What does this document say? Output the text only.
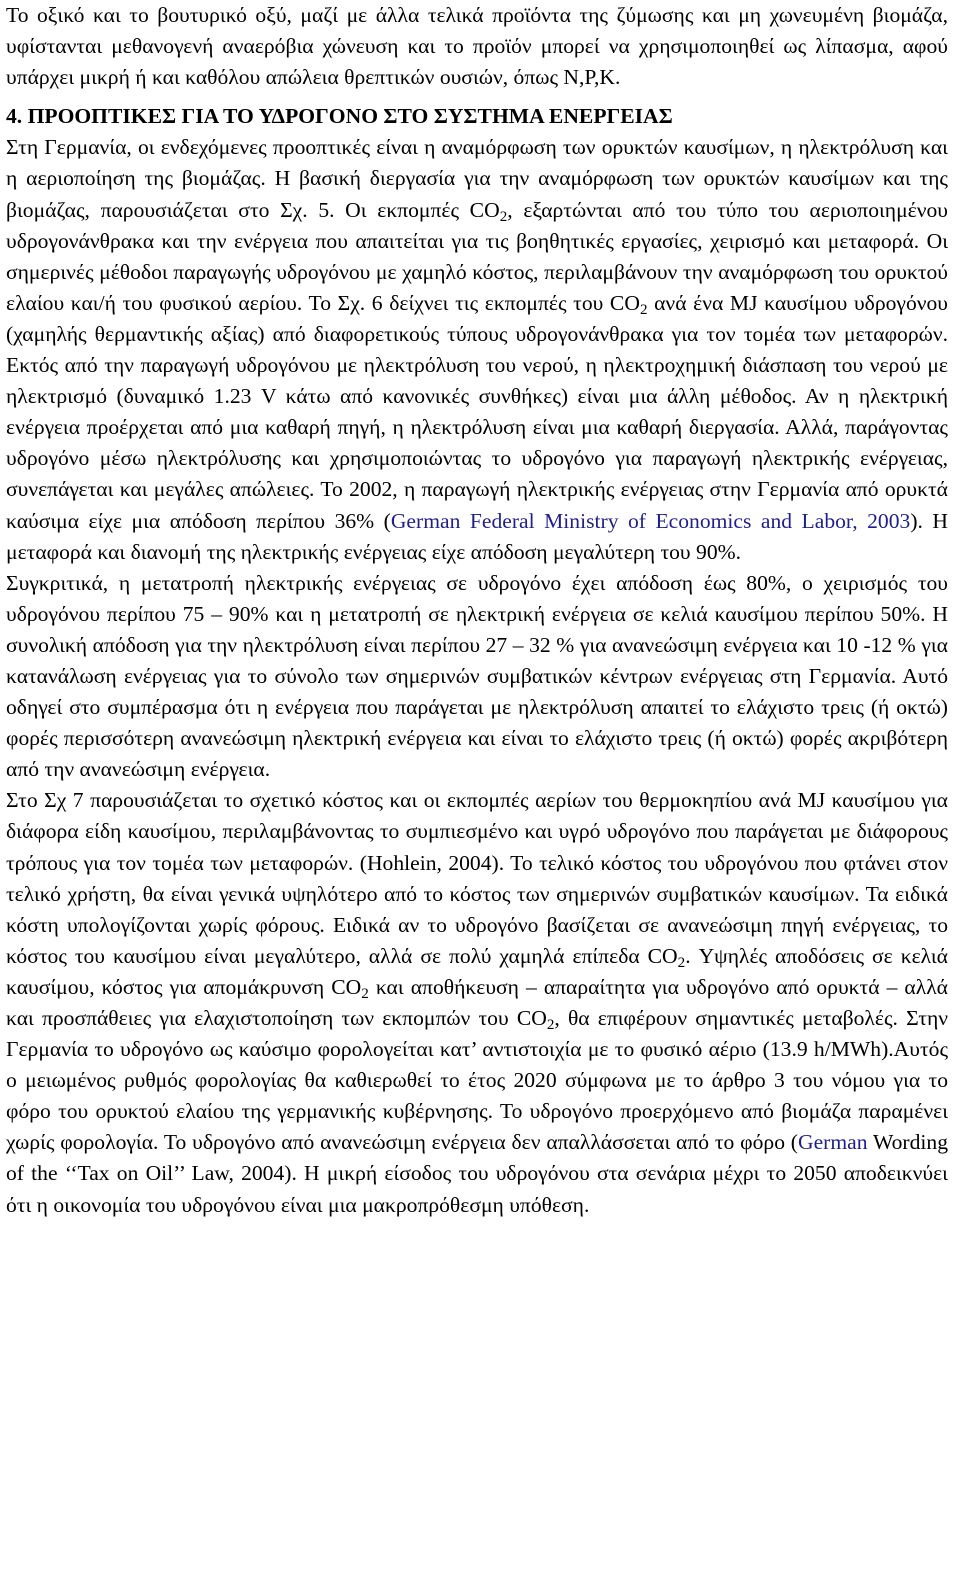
Το οξικό και το βουτυρικό οξύ, μαζί με άλλα τελικά προϊόντα της ζύμωσης και μη χωνευμένη βιομάζα, υφίστανται μεθανογενή αναερόβια χώνευση και το προϊόν μπορεί να χρησιμοποιηθεί ως λίπασμα, αφού υπάρχει μικρή ή και καθόλου απώλεια θρεπτικών ουσιών, όπως N,P,K.

4. ΠΡΟΟΠΤΙΚΕΣ ΓΙΑ ΤΟ ΥΔΡΟΓΟΝΟ ΣΤΟ ΣΥΣΤΗΜΑ ΕΝΕΡΓΕΙΑΣ

Στη Γερμανία, οι ενδεχόμενες προοπτικές είναι η αναμόρφωση των ορυκτών καυσίμων, η ηλεκτρόλυση και η αεριοποίηση της βιομάζας. Η βασική διεργασία για την αναμόρφωση των ορυκτών καυσίμων και της βιομάζας, παρουσιάζεται στο Σχ. 5. Οι εκπομπές $CO_2$, εξαρτώνται από του τύπο του αεριοποιημένου υδρογονάνθρακα και την ενέργεια που απαιτείται για τις βοηθητικές εργασίες, χειρισμό και μεταφορά. Οι σημερινές μέθοδοι παραγωγής υδρογόνου με χαμηλό κόστος, περιλαμβάνουν την αναμόρφωση του ορυκτού ελαίου και/ή του φυσικού αερίου. Το Σχ. 6 δείχνει τις εκπομπές του $CO_2$ ανά ένα MJ καυσίμου υδρογόνου (χαμηλής θερμαντικής αξίας) από διαφορετικούς τύπους υδρογονάνθρακα για τον τομέα των μεταφορών. Εκτός από την παραγωγή υδρογόνου με ηλεκτρόλυση του νερού, η ηλεκτροχημική διάσπαση του νερού με ηλεκτρισμό (δυναμικό 1.23 V κάτω από κανονικές συνθήκες) είναι μια άλλη μέθοδος. Αν η ηλεκτρική ενέργεια προέρχεται από μια καθαρή πηγή, η ηλεκτρόλυση είναι μια καθαρή διεργασία. Αλλά, παράγοντας υδρογόνο μέσω ηλεκτρόλυσης και χρησιμοποιώντας το υδρογόνο για παραγωγή ηλεκτρικής ενέργειας, συνεπάγεται και μεγάλες απώλειες. Το 2002, η παραγωγή ηλεκτρικής ενέργειας στην Γερμανία από ορυκτά καύσιμα είχε μια απόδοση περίπου 36% (German Federal Ministry of Economics and Labor, 2003). Η μεταφορά και διανομή της ηλεκτρικής ενέργειας είχε απόδοση μεγαλύτερη του 90%.

Συγκριτικά, η μετατροπή ηλεκτρικής ενέργειας σε υδρογόνο έχει απόδοση έως 80%, ο χειρισμός του υδρογόνου περίπου 75 – 90% και η μετατροπή σε ηλεκτρική ενέργεια σε κελιά καυσίμου περίπου 50%. Η συνολική απόδοση για την ηλεκτρόλυση είναι περίπου 27 – 32 % για ανανεώσιμη ενέργεια και 10 -12 % για κατανάλωση ενέργειας για το σύνολο των σημερινών συμβατικών κέντρων ενέργειας στη Γερμανία. Αυτό οδηγεί στο συμπέρασμα ότι η ενέργεια που παράγεται με ηλεκτρόλυση απαιτεί το ελάχιστο τρεις (ή οκτώ) φορές περισσότερη ανανεώσιμη ηλεκτρική ενέργεια και είναι το ελάχιστο τρεις (ή οκτώ) φορές ακριβότερη από την ανανεώσιμη ενέργεια.

Στο Σχ 7 παρουσιάζεται το σχετικό κόστος και οι εκπομπές αερίων του θερμοκηπίου ανά MJ καυσίμου για διάφορα είδη καυσίμου, περιλαμβάνοντας το συμπιεσμένο και υγρό υδρογόνο που παράγεται με διάφορους τρόπους για τον τομέα των μεταφορών. (Hohlein, 2004). Το τελικό κόστος του υδρογόνου που φτάνει στον τελικό χρήστη, θα είναι γενικά υψηλότερο από το κόστος των σημερινών συμβατικών καυσίμων. Τα ειδικά κόστη υπολογίζονται χωρίς φόρους. Ειδικά αν το υδρογόνο βασίζεται σε ανανεώσιμη πηγή ενέργειας, το κόστος του καυσίμου είναι μεγαλύτερο, αλλά σε πολύ χαμηλά επίπεδα $CO_2$. Υψηλές αποδόσεις σε κελιά καυσίμου, κόστος για απομάκρυνση $CO_2$ και αποθήκευση – απαραίτητα για υδρογόνο από ορυκτά – αλλά και προσπάθειες για ελαχιστοποίηση των εκπομπών του $CO_2$, θα επιφέρουν σημαντικές μεταβολές. Στην Γερμανία το υδρογόνο ως καύσιμο φορολογείται κατ’ αντιστοιχία με το φυσικό αέριο (13.9 h/MWh).Αυτός ο μειωμένος ρυθμός φορολογίας θα καθιερωθεί το έτος 2020 σύμφωνα με το άρθρο 3 του νόμου για το φόρο του ορυκτού ελαίου της γερμανικής κυβέρνησης. Το υδρογόνο προερχόμενο από βιομάζα παραμένει χωρίς φορολογία. Το υδρογόνο από ανανεώσιμη ενέργεια δεν απαλλάσσεται από το φόρο (German Wording of the ‘‘Tax on Oil’’ Law, 2004). Η μικρή είσοδος του υδρογόνου στα σενάρια μέχρι το 2050 αποδεικνύει ότι η οικονομία του υδρογόνου είναι μια μακροπρόθεσμη υπόθεση.
